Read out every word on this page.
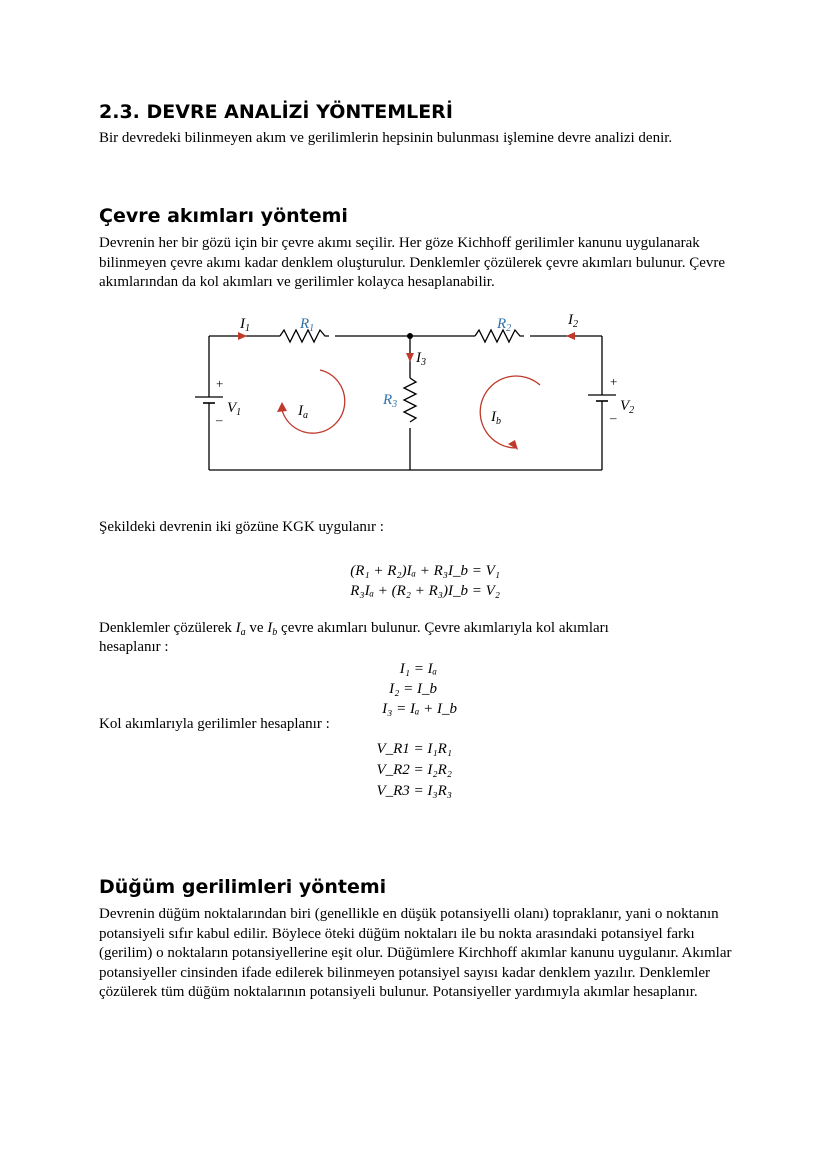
2.3. DEVRE ANALİZİ YÖNTEMLERİ

Bir devredeki bilinmeyen akım ve gerilimlerin hepsinin bulunması işlemine devre analizi denir.

Çevre akımları yöntemi

Devrenin her bir gözü için bir çevre akımı seçilir. Her göze Kichhoff gerilimler kanunu uygulanarak bilinmeyen çevre akımı kadar denklem oluşturulur. Denklemler çözülerek çevre akımları bulunur. Çevre akımlarından da kol akımları ve gerilimler kolayca hesaplanabilir.

$I_1$	$R_1$	$R_2$
$I_2$
$I_3$
$R_3$
+
–
$V_1$
+
–
$V_2$
$I_a$	$I_b$

Şekildeki devrenin iki gözüne KGK uygulanır :

(R₁ + R₂)Iₐ + R₃I_b = V₁
R₃Iₐ + (R₂ + R₃)I_b = V₂

Denklemler çözülerek $I_a$ ve $I_b$ çevre akımları bulunur. Çevre akımlarıyla kol akımları

hesaplanır :

I₁ = Iₐ
I₂ = I_b
I₃ = Iₐ + I_b

Kol akımlarıyla gerilimler hesaplanır :

V_R1 = I₁R₁
V_R2 = I₂R₂
V_R3 = I₃R₃
Düğüm gerilimleri yöntemi

Devrenin düğüm noktalarından biri (genellikle en düşük potansiyelli olanı) topraklanır, yani o noktanın potansiyeli sıfır kabul edilir. Böylece öteki düğüm noktaları ile bu nokta arasındaki potansiyel farkı (gerilim) o noktaların potansiyellerine eşit olur. Düğümlere Kirchhoff akımlar kanunu uygulanır. Akımlar potansiyeller cinsinden ifade edilerek bilinmeyen potansiyel sayısı kadar denklem yazılır. Denklemler çözülerek tüm düğüm noktalarının potansiyeli bulunur. Potansiyeller yardımıyla akımlar hesaplanır.
